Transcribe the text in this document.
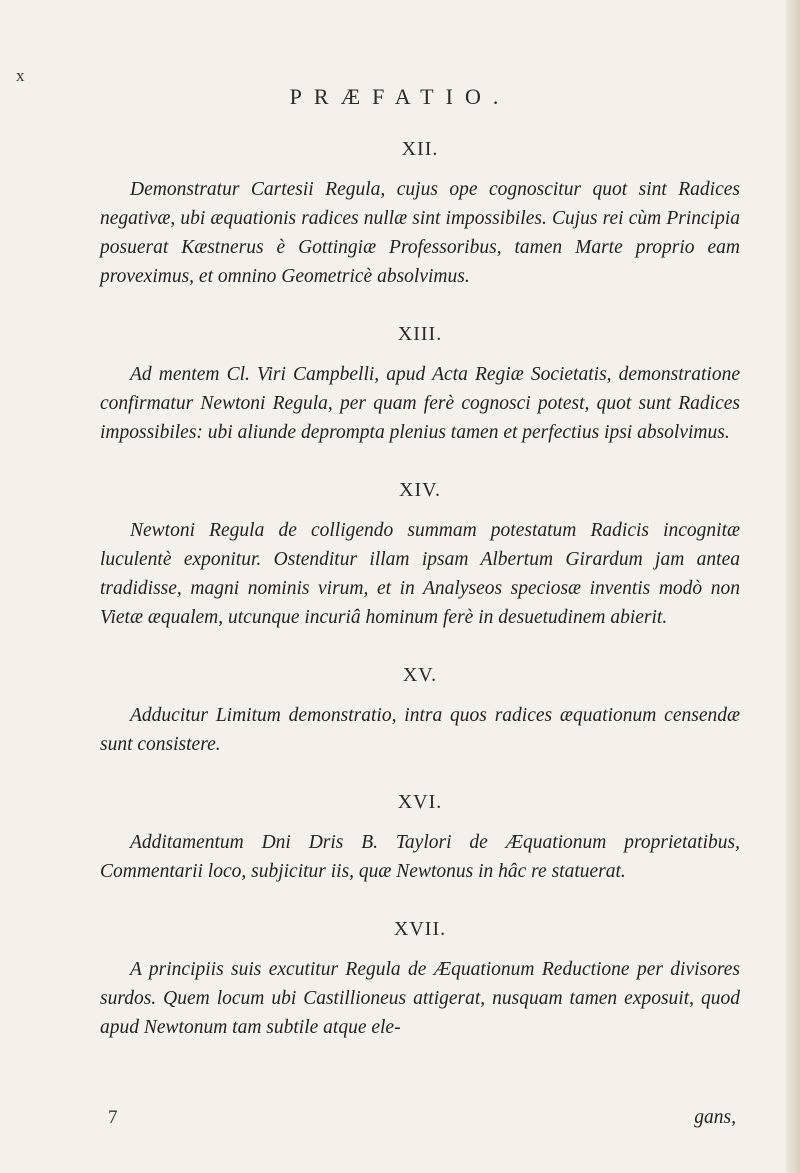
x
PRÆFATIO.
XII.

Demonstratur Cartesii Regula, cujus ope cognoscitur quot sint Radices negativæ, ubi æquationis radices nullæ sint impossibiles. Cujus rei cùm Principia posuerat Kæstnerus è Gottingiæ Professoribus, tamen Marte proprio eam proveximus, et omnino Geometricè absolvimus.

XIII.

Ad mentem Cl. Viri Campbelli, apud Acta Regiæ Societatis, demonstratione confirmatur Newtoni Regula, per quam ferè cognosci potest, quot sunt Radices impossibiles: ubi aliunde deprompta plenius tamen et perfectius ipsi absolvimus.

XIV.

Newtoni Regula de colligendo summam potestatum Radicis incognitæ luculentè exponitur. Ostenditur illam ipsam Albertum Girardum jam antea tradidisse, magni nominis virum, et in Analyseos speciosæ inventis modò non Vietæ æqualem, utcunque incuriâ hominum ferè in desuetudinem abierit.

XV.

Adducitur Limitum demonstratio, intra quos radices æquationum censendæ sunt consistere.

XVI.

Additamentum Dni Dris B. Taylori de Æquationum proprietatibus, Commentarii loco, subjicitur iis, quæ Newtonus in hâc re statuerat.

XVII.

A principiis suis excutitur Regula de Æquationum Reductione per divisores surdos. Quem locum ubi Castillioneus attigerat, nusquam tamen exposuit, quod apud Newtonum tam subtile atque ele-

7	gans,
